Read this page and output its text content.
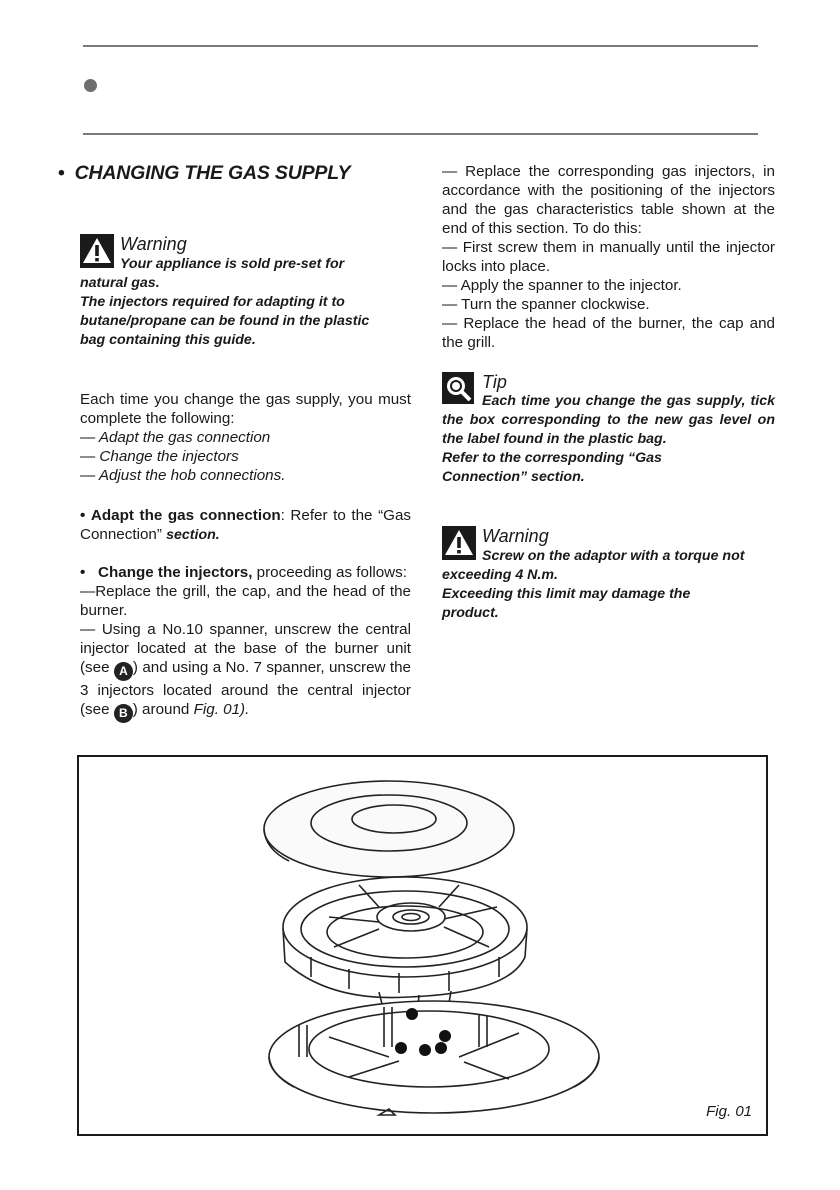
• CHANGING THE GAS SUPPLY
Warning
Your appliance is sold pre-set for
natural gas.
The injectors required for adapting it to
butane/propane can be found in the plastic
bag containing this guide.

Each time you change the gas supply, you must complete the following:

— Adapt the gas connection
— Change the injectors
— Adjust the hob connections.

• Adapt the gas connection: Refer to the “Gas Connection” section.

• Change the injectors, proceeding as follows:

—Replace the grill, the cap, and the head of the burner.

— Using a No.10 spanner, unscrew the central injector located at the base of the burner unit (see A ) and using a No. 7 spanner, unscrew the 3 injectors located around the central injector (see B ) around Fig. 01).

— Replace the corresponding gas injectors, in accordance with the positioning of the injectors and the gas characteristics table shown at the end of this section. To do this:

— First screw them in manually until the injector locks into place.

— Apply the spanner to the injector.

— Turn the spanner clockwise.

— Replace the head of the burner, the cap and the grill.

Tip

Each time you change the gas supply, tick the box corresponding to the new gas level on the label found in the plastic bag.

Refer to the corresponding “Gas
Connection” section.
Warning
Screw on the adaptor with a torque not
exceeding 4 N.m.
Exceeding this limit may damage the
product.
Fig. 01
